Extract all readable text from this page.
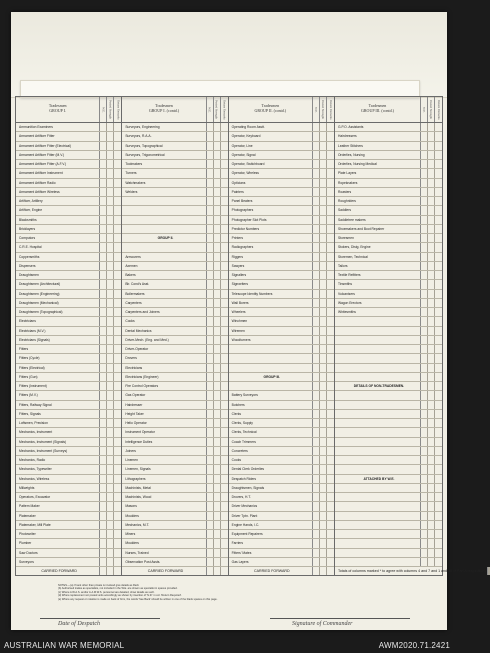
Tradesmen
GROUP I.	W.E.	Posted Strength	Return Remarks
Ammunition Examiners
Armament Artificer Fitter
Armament Artificer Fitter (Electrical)
Armament Artificer Fitter (M.V.)
Armament Artificer Fitter (A.F.V.)
Armament Artificer Instrument
Armament Artificer Radio
Armament Artificer Wireless
Artificer, Artillery
Artificer, Engine
Blacksmiths
Bricklayers
Computors
C.R.E. Hospital
Coppersmiths
Dispensers
Draughtsmen
Draughtsmen (Architectural)
Draughtsmen (Engineering)
Draughtsmen (Mechanical)
Draughtsmen (Topographical)
Electricians
Electricians (M.V.)
Electricians (Signals)
Fitters
Fitters (Cycle)
Fitters (Electrical)
Fitters (Gun)
Fitters (Instrument)
Fitters (M.V.)
Fitters, Railway Signal
Fitters, Signals
Loftsmen, Precision
Mechanics, Instrument
Mechanics, Instrument (Signals)
Mechanics, Instrument (Surveys)
Mechanics, Radio
Mechanics, Typewriter
Mechanics, Wireless
Millwrights
Operators, Excavator
Pattern Maker
Platemaker
Platemaker, Mill Plate
Photowriter
Plumber
Saw Doctors
Surveyors
CARRIED FORWARD
Tradesmen
GROUP I. (contd.)	W.E.	Posted Strength	Return Remarks
Surveyors, Engineering
Surveyors, R.A.A.
Surveyors, Topographical
Surveyors, Trigonometrical
Toolmakers
Turners
Watchmakers
Welders
GROUP II.
Armourers
Axemen
Bakers
Blr. Cond's Asst.
Boilermakers
Carpenters
Carpenters and Joiners
Cooks
Dental Mechanics
Driver-Mech. (Eng. and Med.)
Driver-Operator
Drovers
Electricians
Electricians (Engineer)
Fire Control Operators
Gas Operator
Hairdresser
Height Taker
Helio Operator
Instrument Operator
Intelligence Duties
Joiners
Linemen
Linemen, Signals
Lithographers
Machinists, Metal
Machinists, Wood
Masons
Moulders
Mechanics, M.T.
Miners
Moulders
Nurses, Trained
Observation Post Assts.
CARRIED FORWARD
Tradesmen
GROUP II. (contd.)	W.E.	Posted Strength	Return Remarks
Operating Room Asstt.
Operator, Keyboard
Operator, Line
Operator, Signal
Operator, Switchboard
Operator, Wireless
Opticians
Painters
Panel Beaters
Photographers
Photographer Slot Plots
Predictor Numbers
Printers
Radiographers
Riggers
Sawyers
Signallers
Signwriters
Telescope Identity Numbers
Wall Borers
Wheelers
Winchmen
Wiremen
Woodturners
GROUP III.
Battery Surveyors
Butchers
Clerks
Clerks, Supply
Clerks, Technical
Coach Trimmers
Concreters
Cooks
Dental Clerk Orderlies
Despatch Riders
Draughtsmen, Signals
Drovers, H.T.
Driver Mechanics
Driver Tptn. Plant
Engine Hands, I.C.
Equipment Repairers
Farriers
Fitters' Mates
Gas Layers
CARRIED FORWARD
Tradesmen
GROUP III. (contd.)	W.E.	Posted Strength	Return Remarks
G.P.O. Assistants
Hairdressers
Leather Stitchers
Orderlies, Nursing
Orderlies, Nursing Medical
Plate Layers
Ropeknakers
Roasters
Roughriders
Saddlers
Saddletree makers
Shoemakers and Boot Repairer
Storesmen
Stokers, Distg. Engine
Storemen, Technical
Tailors
Textile Refitters
Tinsmiths
Vulcanisers
Wagon Erectors
Whitesmiths
DETAILS OF NON-TRADESMEN.
ATTACHED BY W.E.
Totals of columns marked * to agree with columns 4 and 7 and 1 and 10 of Part A respectively
NOTES.—(a) If rank other than private is involved give details as Redt.
(b) Authorised trades as specialists, not included in the W.E. are shown as specialist in spaces provided.
(c) Where A.W.A.S. and/or A.A.M.W.S. personnel are detailed, show details as such.
(d) Where replacement not posted units accordingly as shown by insertion of 'N.R.' in col. 'Return Required'.
(e) Where any request or notation is made on back of form, the words 'See Back' should be written in one of the blank spaces on this page.
Date of Despatch	Signature of Commander
AUSTRALIAN WAR MEMORIAL	AWM2020.71.2421
